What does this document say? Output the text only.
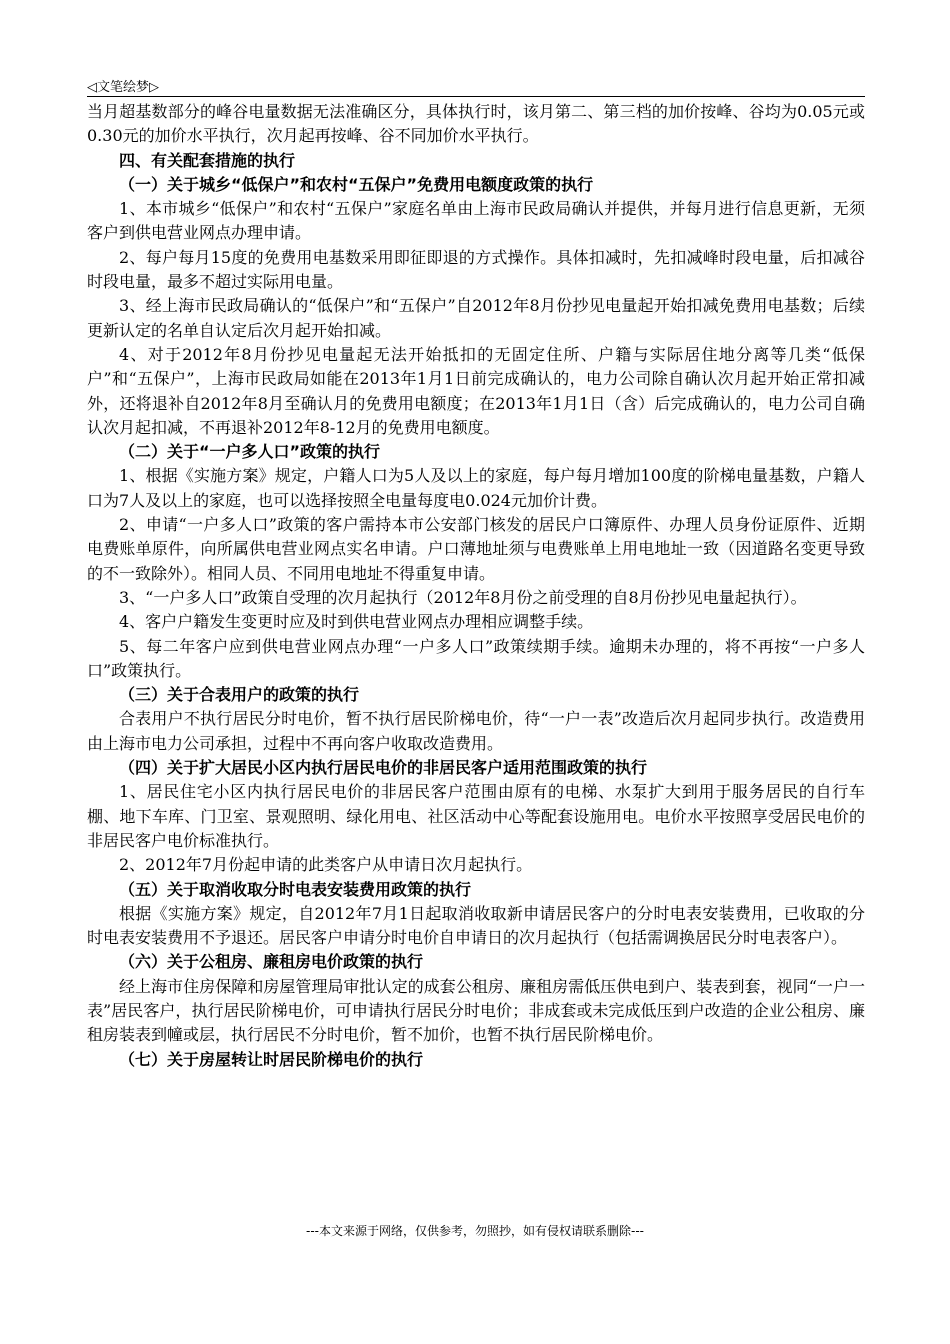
◁文笔绘梦▷

当月超基数部分的峰谷电量数据无法准确区分，具体执行时，该月第二、第三档的加价按峰、谷均为0.05元或0.30元的加价水平执行，次月起再按峰、谷不同加价水平执行。

四、有关配套措施的执行

（一）关于城乡“低保户”和农村“五保户”免费用电额度政策的执行

1、本市城乡“低保户”和农村“五保户”家庭名单由上海市民政局确认并提供，并每月进行信息更新，无须客户到供电营业网点办理申请。

2、每户每月15度的免费用电基数采用即征即退的方式操作。具体扣减时，先扣减峰时段电量，后扣减谷时段电量，最多不超过实际用电量。

3、经上海市民政局确认的“低保户”和“五保户”自2012年8月份抄见电量起开始扣减免费用电基数；后续更新认定的名单自认定后次月起开始扣减。

4、对于2012年8月份抄见电量起无法开始抵扣的无固定住所、户籍与实际居住地分离等几类“低保户”和“五保户”，上海市民政局如能在2013年1月1日前完成确认的，电力公司除自确认次月起开始正常扣减外，还将退补自2012年8月至确认月的免费用电额度；在2013年1月1日（含）后完成确认的，电力公司自确认次月起扣减，不再退补2012年8-12月的免费用电额度。

（二）关于“一户多人口”政策的执行

1、根据《实施方案》规定，户籍人口为5人及以上的家庭，每户每月增加100度的阶梯电量基数，户籍人口为7人及以上的家庭，也可以选择按照全电量每度电0.024元加价计费。

2、申请“一户多人口”政策的客户需持本市公安部门核发的居民户口簿原件、办理人员身份证原件、近期电费账单原件，向所属供电营业网点实名申请。户口薄地址须与电费账单上用电地址一致（因道路名变更导致的不一致除外）。相同人员、不同用电地址不得重复申请。

3、“一户多人口”政策自受理的次月起执行（2012年8月份之前受理的自8月份抄见电量起执行）。

4、客户户籍发生变更时应及时到供电营业网点办理相应调整手续。

5、每二年客户应到供电营业网点办理“一户多人口”政策续期手续。逾期未办理的，将不再按“一户多人口”政策执行。

（三）关于合表用户的政策的执行

合表用户不执行居民分时电价，暂不执行居民阶梯电价，待“一户一表”改造后次月起同步执行。改造费用由上海市电力公司承担，过程中不再向客户收取改造费用。

（四）关于扩大居民小区内执行居民电价的非居民客户适用范围政策的执行

1、居民住宅小区内执行居民电价的非居民客户范围由原有的电梯、水泵扩大到用于服务居民的自行车棚、地下车库、门卫室、景观照明、绿化用电、社区活动中心等配套设施用电。电价水平按照享受居民电价的非居民客户电价标准执行。

2、2012年7月份起申请的此类客户从申请日次月起执行。

（五）关于取消收取分时电表安装费用政策的执行

根据《实施方案》规定，自2012年7月1日起取消收取新申请居民客户的分时电表安装费用，已收取的分时电表安装费用不予退还。居民客户申请分时电价自申请日的次月起执行（包括需调换居民分时电表客户）。

（六）关于公租房、廉租房电价政策的执行

经上海市住房保障和房屋管理局审批认定的成套公租房、廉租房需低压供电到户、装表到套，视同“一户一表”居民客户，执行居民阶梯电价，可申请执行居民分时电价；非成套或未完成低压到户改造的企业公租房、廉租房装表到幢或层，执行居民不分时电价，暂不加价，也暂不执行居民阶梯电价。

（七）关于房屋转让时居民阶梯电价的执行

---本文来源于网络，仅供参考，勿照抄，如有侵权请联系删除---
